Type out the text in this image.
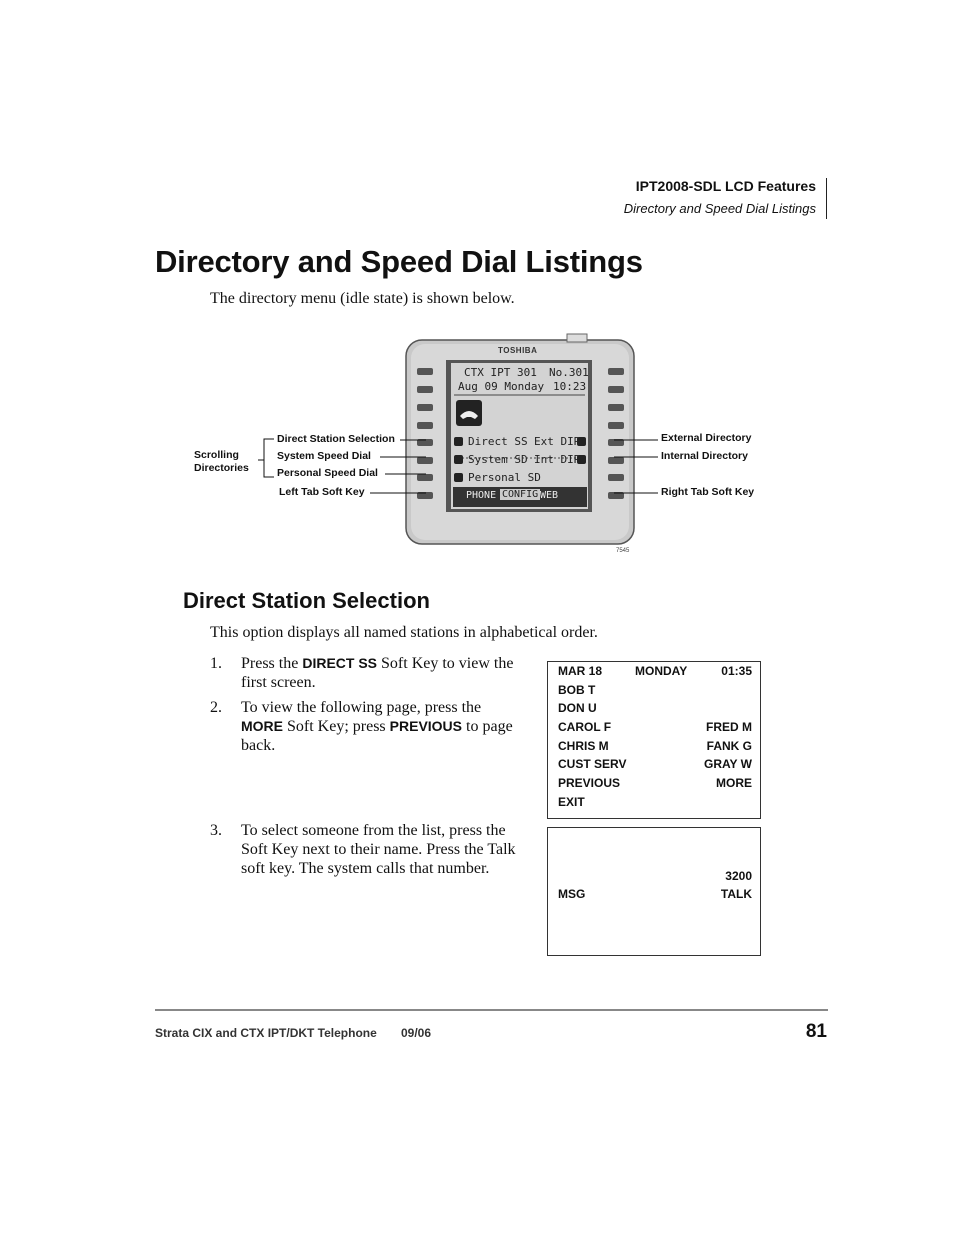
IPT2008-SDL LCD Features
Directory and Speed Dial Listings
Directory and Speed Dial Listings
The directory menu (idle state) is shown below.
TOSHIBA
CTX IPT 301 No.301
Aug 09 Monday 10:23
Direct SS
System SD
Personal SD
Ext DIR
Int DIR
PHONE CONFIG WEB
7545
Scrolling
Directories
Direct Station Selection
System Speed Dial
Personal Speed Dial
Left Tab Soft Key
External Directory
Internal Directory
Right Tab Soft Key
Direct Station Selection
This option displays all named stations in alphabetical order.
1.	Press the DIRECT SS Soft Key to view the first screen.
2.	To view the following page, press the MORE Soft Key; press PREVIOUS to page back.
3.	To select someone from the list, press the Soft Key next to their name. Press the Talk soft key. The system calls that number.
MAR 18	MONDAY	01:35
BOB T
DON U
CAROL F	FRED M
CHRIS M	FANK G
CUST SERV	GRAY W
PREVIOUS	MORE
EXIT
3200
MSG	TALK
Strata CIX and CTX IPT/DKT Telephone 09/06	81
